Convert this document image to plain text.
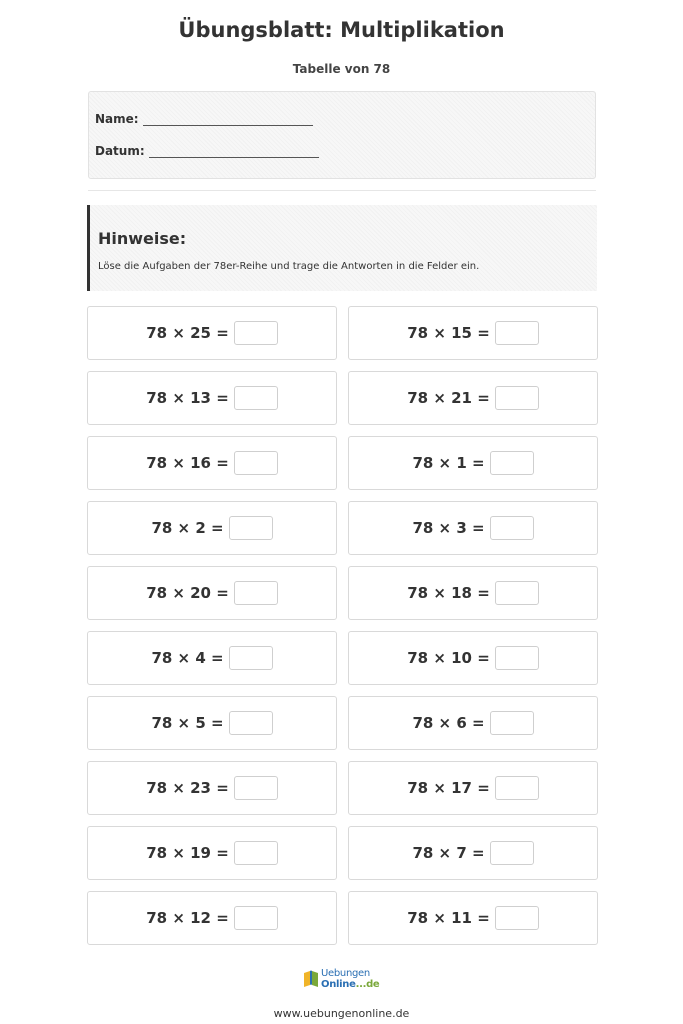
Übungsblatt: Multiplikation
Tabelle von 78
Name:
Datum:
Hinweise:
Löse die Aufgaben der 78er-Reihe und trage die Antworten in die Felder ein.
78 × 25 =	78 × 15 =
78 × 13 =	78 × 21 =
78 × 16 =	78 × 1 =
78 × 2 =	78 × 3 =
78 × 20 =	78 × 18 =
78 × 4 =	78 × 10 =
78 × 5 =	78 × 6 =
78 × 23 =	78 × 17 =
78 × 19 =	78 × 7 =
78 × 12 =	78 × 11 =
Uebungen
Online...de
www.uebungenonline.de
